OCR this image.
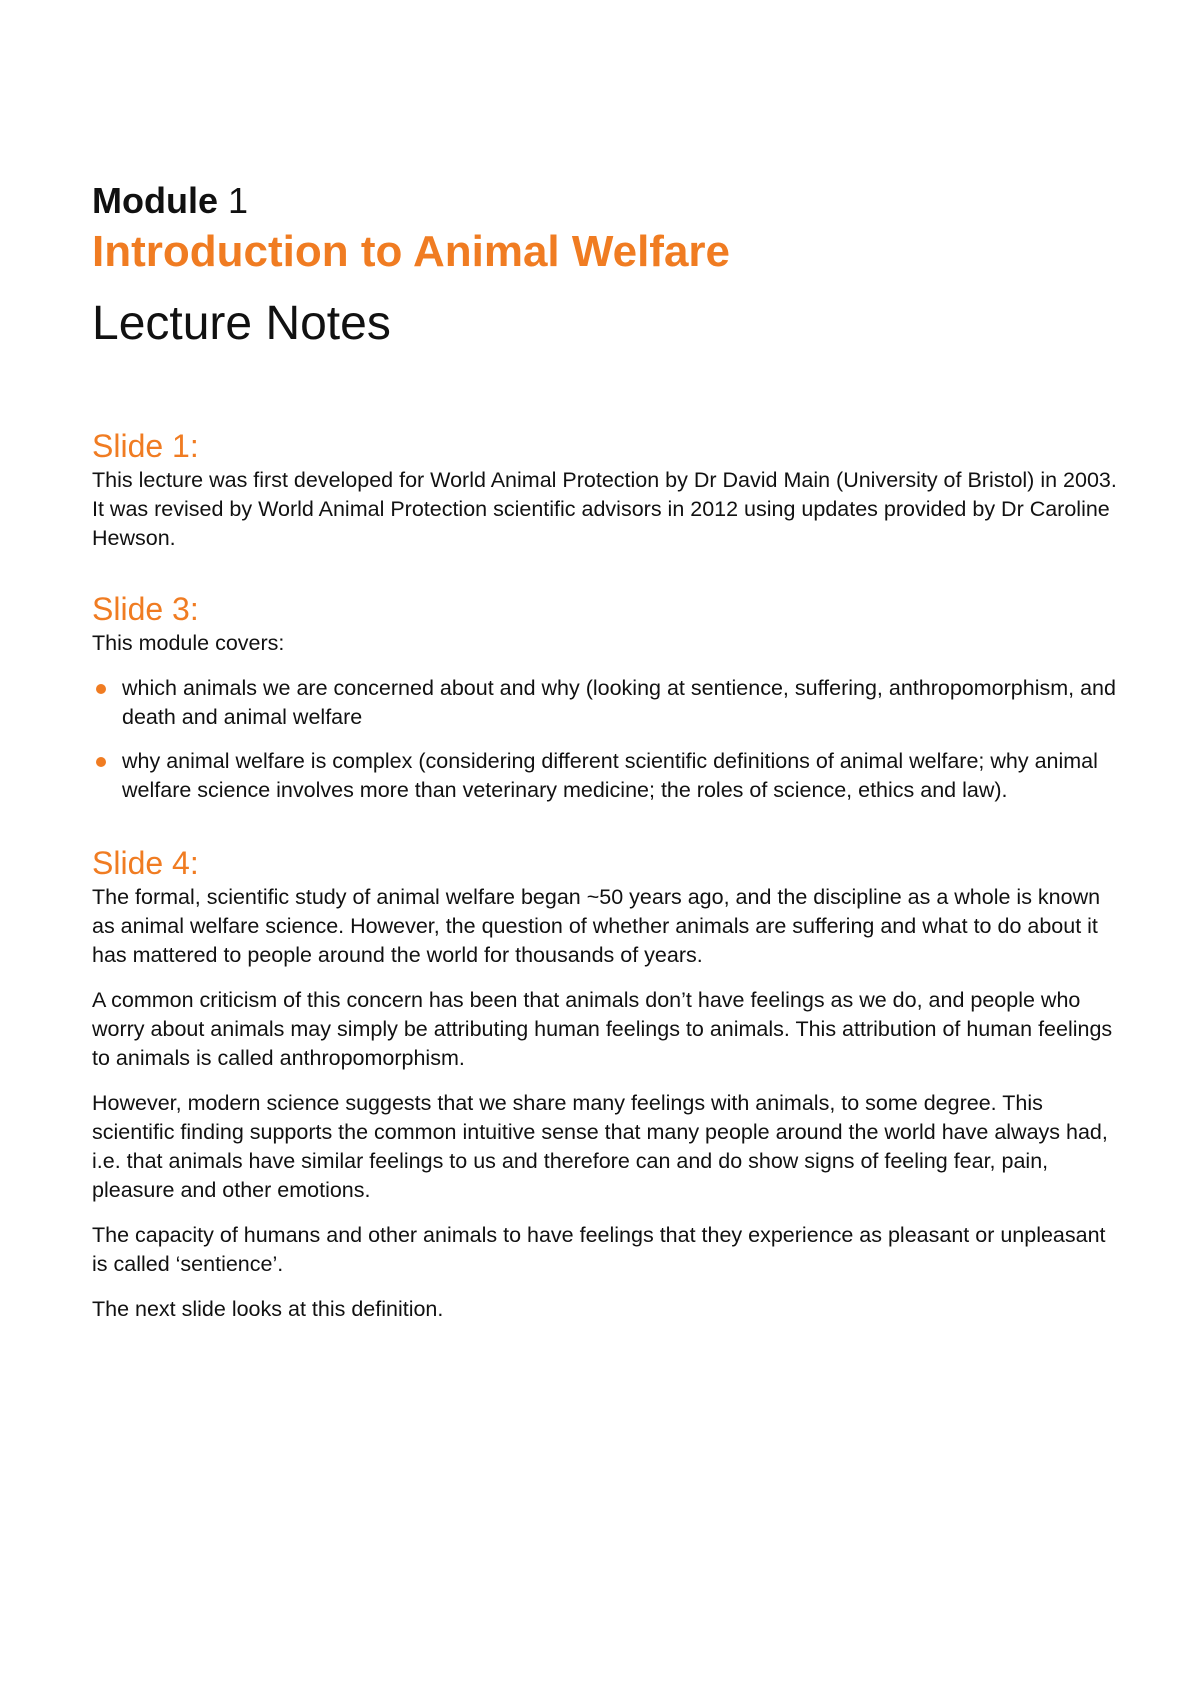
Module 1

Introduction to Animal Welfare
Lecture Notes
Slide 1:

This lecture was first developed for World Animal Protection by Dr David Main (University of Bristol) in 2003. It was revised by World Animal Protection scientific advisors in 2012 using updates provided by Dr Caroline Hewson.

Slide 3:

This module covers:

which animals we are concerned about and why (looking at sentience, suffering, anthropomorphism, and death and animal welfare
why animal welfare is complex (considering different scientific definitions of animal welfare; why animal welfare science involves more than veterinary medicine; the roles of science, ethics and law).
Slide 4:

The formal, scientific study of animal welfare began ~50 years ago, and the discipline as a whole is known as animal welfare science. However, the question of whether animals are suffering and what to do about it has mattered to people around the world for thousands of years.

A common criticism of this concern has been that animals don’t have feelings as we do, and people who worry about animals may simply be attributing human feelings to animals. This attribution of human feelings to animals is called anthropomorphism.

However, modern science suggests that we share many feelings with animals, to some degree. This scientific finding supports the common intuitive sense that many people around the world have always had, i.e. that animals have similar feelings to us and therefore can and do show signs of feeling fear, pain, pleasure and other emotions.

The capacity of humans and other animals to have feelings that they experience as pleasant or unpleasant is called ‘sentience’.

The next slide looks at this definition.
